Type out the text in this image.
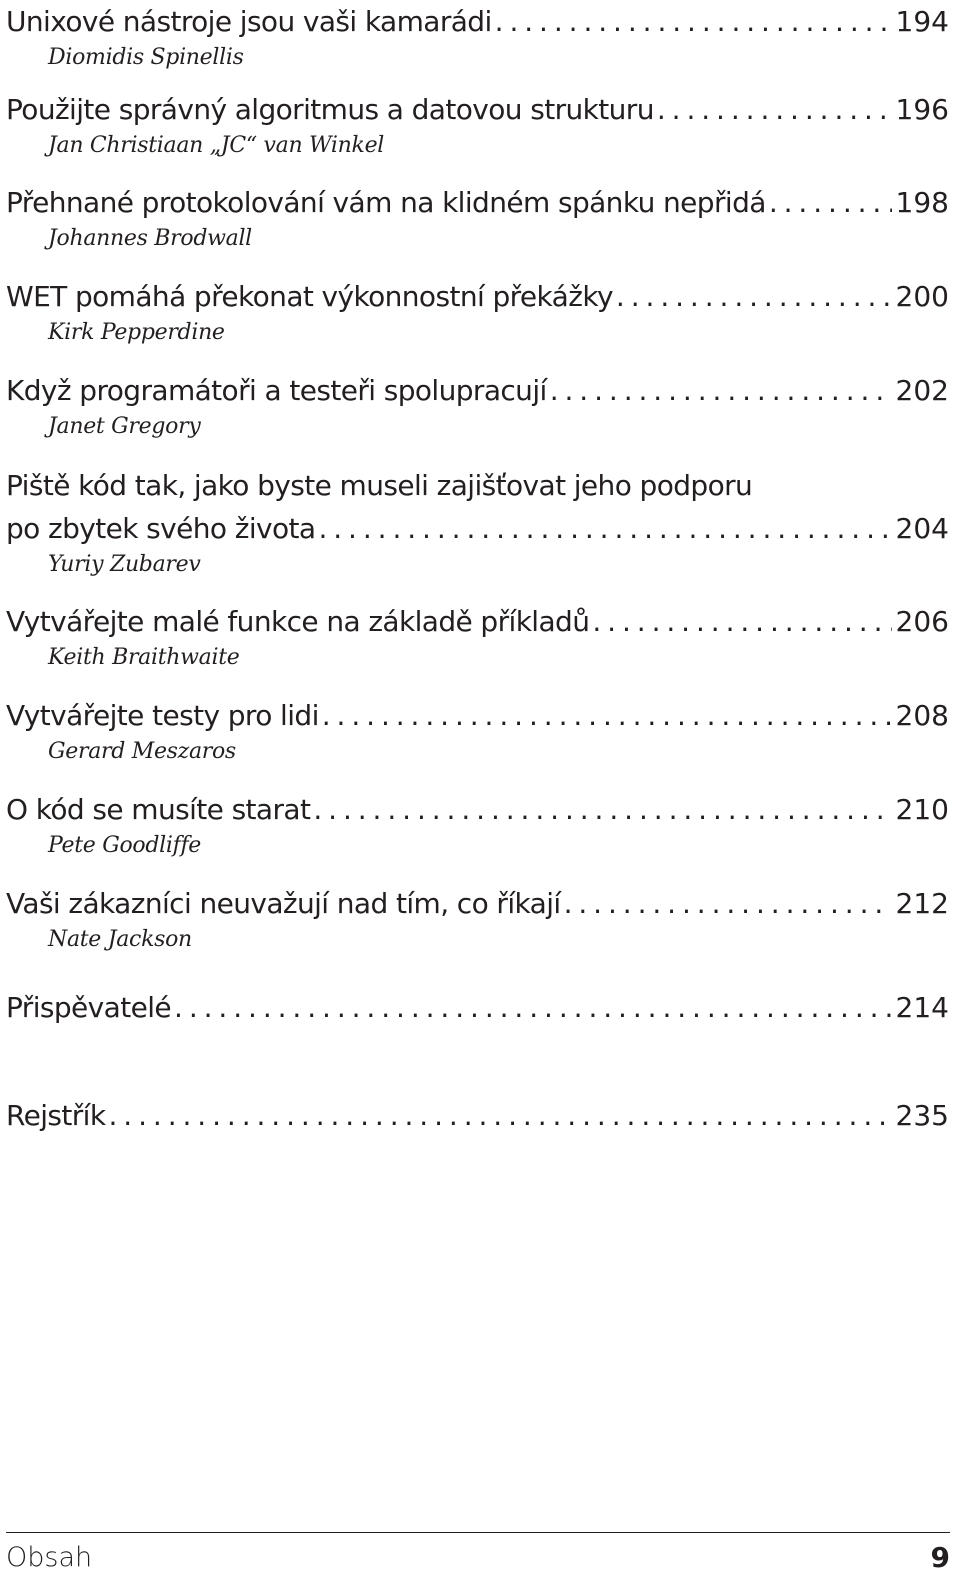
Unixové nástroje jsou vaši kamarádi . . .	194
Diomidis Spinellis
Použijte správný algoritmus a datovou strukturu . . .	196
Jan Christiaan „JC“ van Winkel
Přehnané protokolování vám na klidném spánku nepřidá . . .	198
Johannes Brodwall
WET pomáhá překonat výkonnostní překážky . . .	200
Kirk Pepperdine
Když programátoři a testeři spolupracují . . .	202
Janet Gregory
Piště kód tak, jako byste museli zajišťovat jeho podporu
po zbytek svého života . . .	204
Yuriy Zubarev
Vytvářejte malé funkce na základě příkladů . . .	206
Keith Braithwaite
Vytvářejte testy pro lidi . . .	208
Gerard Meszaros
O kód se musíte starat . . .	210
Pete Goodliffe
Vaši zákazníci neuvažují nad tím, co říkají . . .	212
Nate Jackson
Přispěvatelé . . .	214
Rejstřík . . .	235
Obsah	9
